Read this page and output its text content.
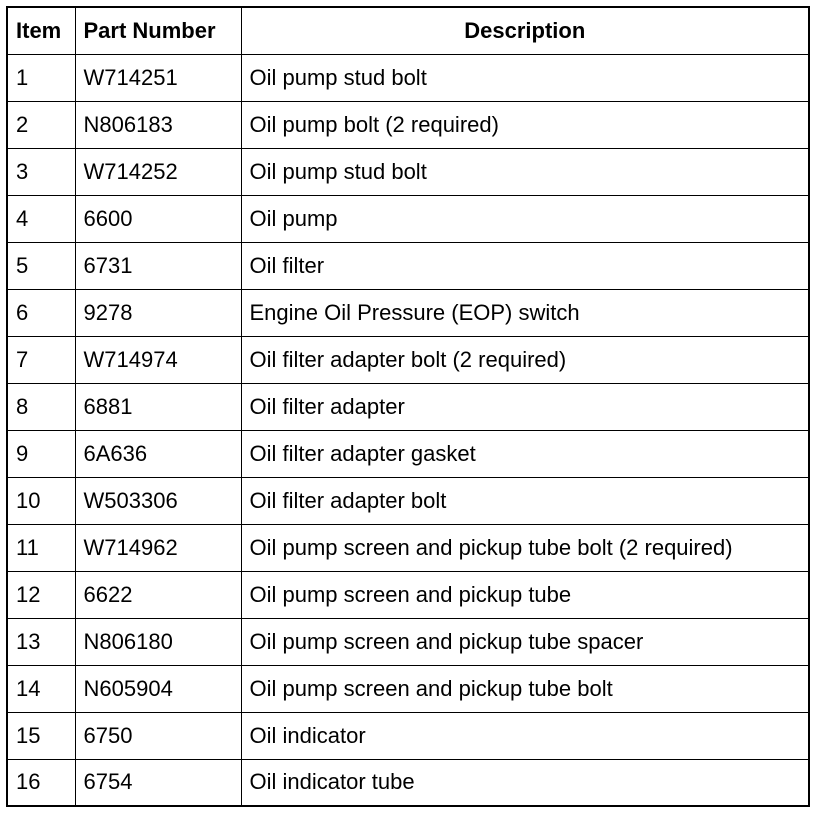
Item	Part Number	Description
1	W714251	Oil pump stud bolt
2	N806183	Oil pump bolt (2 required)
3	W714252	Oil pump stud bolt
4	6600	Oil pump
5	6731	Oil filter
6	9278	Engine Oil Pressure (EOP) switch
7	W714974	Oil filter adapter bolt (2 required)
8	6881	Oil filter adapter
9	6A636	Oil filter adapter gasket
10	W503306	Oil filter adapter bolt
11	W714962	Oil pump screen and pickup tube bolt (2 required)
12	6622	Oil pump screen and pickup tube
13	N806180	Oil pump screen and pickup tube spacer
14	N605904	Oil pump screen and pickup tube bolt
15	6750	Oil indicator
16	6754	Oil indicator tube
